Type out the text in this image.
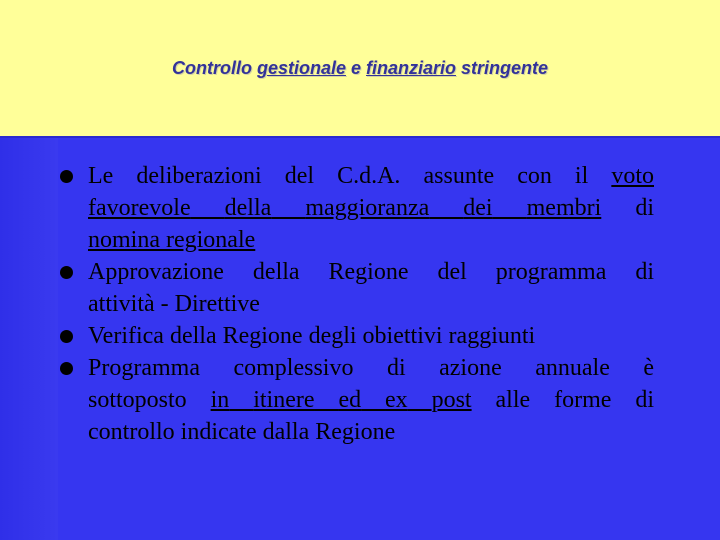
Controllo gestionale e finanziario stringente
Le deliberazioni del C.d.A. assunte con il voto
favorevole della maggioranza dei membri di
nomina regionale
Approvazione della Regione del programma di
attività - Direttive
Verifica della Regione degli obiettivi raggiunti
Programma complessivo di azione annuale è
sottoposto in itinere ed ex post alle forme di
controllo indicate dalla Regione
